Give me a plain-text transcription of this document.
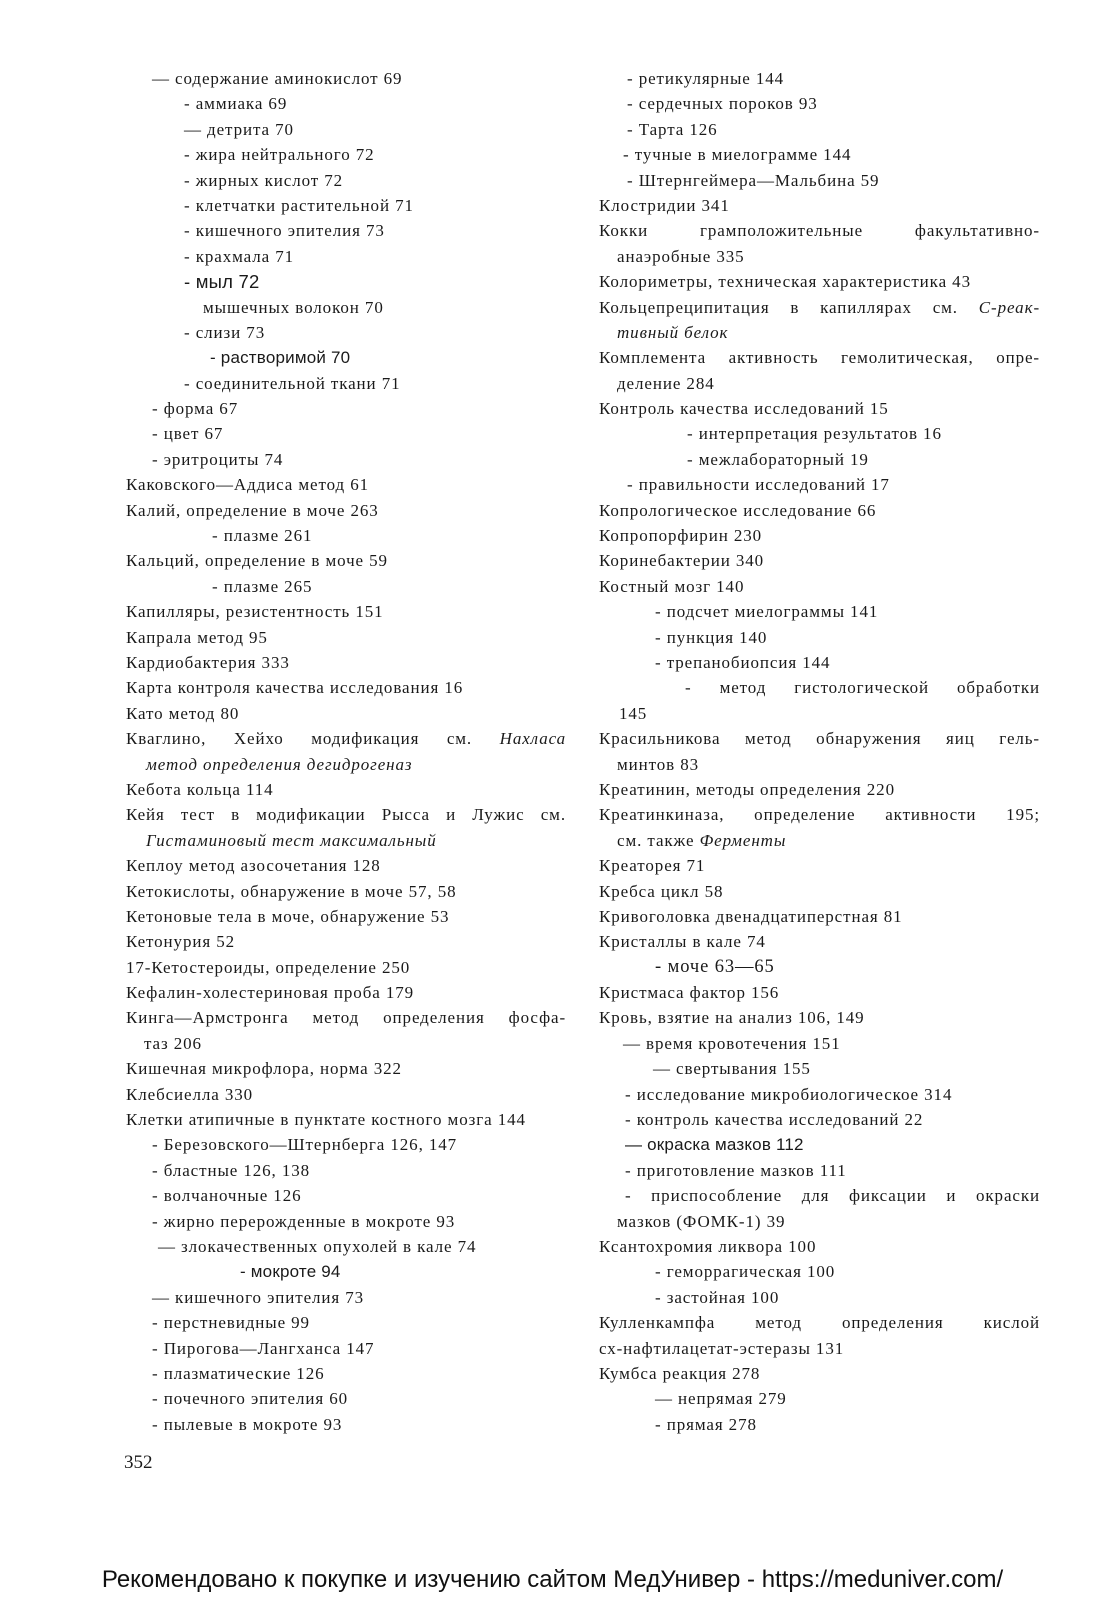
— содержание аминокислот 69
- аммиака 69
— детрита 70
- жира нейтрального 72
- жирных кислот 72
- клетчатки растительной 71
- кишечного эпителия 73
- крахмала 71
- мыл 72
мышечных волокон 70
- слизи 73
- растворимой 70
- соединительной ткани 71
- форма 67
- цвет 67
- эритроциты 74
Каковского—Аддиса метод 61
Калий, определение в моче 263
- плазме 261
Кальций, определение в моче 59
- плазме 265
Капилляры, резистентность 151
Капрала метод 95
Кардиобактерия 333
Карта контроля качества исследования 16
Като метод 80
Кваглино, Хейхо модификация см. Нахласа
метод определения дегидрогеназ
Кебота кольца 114
Кейя тест в модификации Рысса и Лужис см.
Гистаминовый тест максимальный
Кеплоу метод азосочетания 128
Кетокислоты, обнаружение в моче 57, 58
Кетоновые тела в моче, обнаружение 53
Кетонурия 52
17-Кетостероиды, определение 250
Кефалин-холестериновая проба 179
Кинга—Армстронга метод определения фосфа-
таз 206
Кишечная микрофлора, норма 322
Клебсиелла 330
Клетки атипичные в пунктате костного мозга 144
- Березовского—Штернберга 126, 147
- бластные 126, 138
- волчаночные 126
- жирно перерожденные в мокроте 93
— злокачественных опухолей в кале 74
- мокроте 94
— кишечного эпителия 73
- перстневидные 99
- Пирогова—Лангханса 147
- плазматические 126
- почечного эпителия 60
- пылевые в мокроте 93
- ретикулярные 144
- сердечных пороков 93
- Тарта 126
- тучные в миелограмме 144
- Штернгеймера—Мальбина 59
Клостридии 341
Кокки грамположительные факультативно-
анаэробные 335
Колориметры, техническая характеристика 43
Кольцепреципитация в капиллярах см. С-реак-
тивный белок
Комплемента активность гемолитическая, опре-
деление 284
Контроль качества исследований 15
- интерпретация результатов 16
- межлабораторный 19
- правильности исследований 17
Копрологическое исследование 66
Копропорфирин 230
Коринебактерии 340
Костный мозг 140
- подсчет миелограммы 141
- пункция 140
- трепанобиопсия 144
- метод гистологической обработки
145
Красильникова метод обнаружения яиц гель-
минтов 83
Креатинин, методы определения 220
Креатинкиназа, определение активности 195;
см. также Ферменты
Креаторея 71
Кребса цикл 58
Кривоголовка двенадцатиперстная 81
Кристаллы в кале 74
- моче 63—65
Кристмаса фактор 156
Кровь, взятие на анализ 106, 149
— время кровотечения 151
— свертывания 155
- исследование микробиологическое 314
- контроль качества исследований 22
— окраска мазков 112
- приготовление мазков 111
- приспособление для фиксации и окраски
мазков (ФОМК-1) 39
Ксантохромия ликвора 100
- геморрагическая 100
- застойная 100
Кулленкампфа метод определения кислой
сх-нафтилацетат-эстеразы 131
Кумбса реакция 278
— непрямая 279
- прямая 278
352
Рекомендовано к покупке и изучению сайтом МедУнивер - https://meduniver.com/
